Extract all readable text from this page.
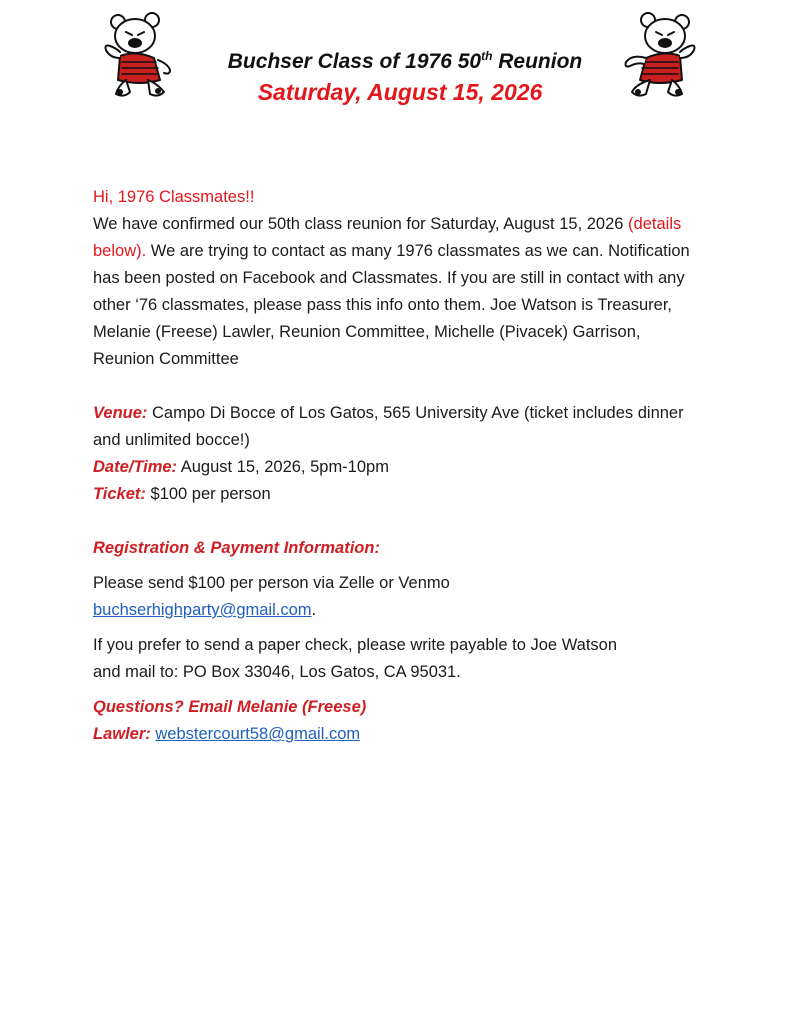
Buchser Class of 1976 50th Reunion
Saturday, August 15, 2026

Hi, 1976 Classmates!!

We have confirmed our 50th class reunion for Saturday, August 15, 2026 (details below). We are trying to contact as many 1976 classmates as we can. Notification has been posted on Facebook and Classmates. If you are still in contact with any other ‘76 classmates, please pass this info onto them. Joe Watson is Treasurer, Melanie (Freese) Lawler, Reunion Committee, Michelle (Pivacek) Garrison, Reunion Committee

Venue: Campo Di Bocce of Los Gatos, 565 University Ave (ticket includes dinner and unlimited bocce!)

Date/Time: August 15, 2026, 5pm-10pm

Ticket: $100 per person

Registration & Payment Information:

Please send $100 per person via Zelle or Venmo buchserhighparty@gmail.com.

If you prefer to send a paper check, please write payable to Joe Watson and mail to: PO Box 33046, Los Gatos, CA 95031.

Questions? Email Melanie (Freese) Lawler: webstercourt58@gmail.com
